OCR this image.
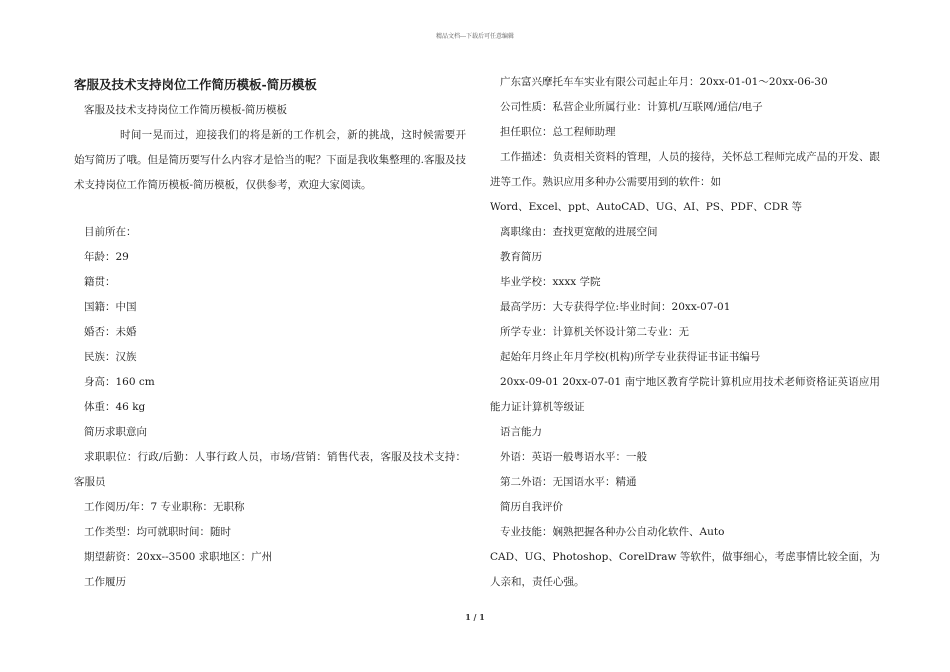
精品文档---下载后可任意编辑
客服及技术支持岗位工作简历模板-简历模板
客服及技术支持岗位工作简历模板-简历模板
时间一晃而过，迎接我们的将是新的工作机会，新的挑战，这时候需要开始写简历了哦。但是简历要写什么内容才是恰当的呢？下面是我收集整理的.客服及技术支持岗位工作简历模板-简历模板，仅供参考，欢迎大家阅读。
目前所在：
年龄：29
籍贯：
国籍：中国
婚否：未婚
民族：汉族
身高：160 cm
体重：46 kg
简历求职意向
求职职位：行政/后勤：人事行政人员，市场/营销：销售代表，客服及技术支持：客服员
工作阅历/年：7 专业职称：无职称
工作类型：均可就职时间：随时
期望薪资：20xx--3500 求职地区：广州
工作履历
广东富兴摩托车车实业有限公司起止年月：20xx-01-01～20xx-06-30
公司性质：私营企业所属行业：计算机/互联网/通信/电子
担任职位：总工程师助理
工作描述：负责相关资料的管理，人员的接待，关怀总工程师完成产品的开发、跟进等工作。熟识应用多种办公需要用到的软件：如
Word、Excel、ppt、AutoCAD、UG、AI、PS、PDF、CDR 等
离职缘由：查找更宽敞的进展空间
教育简历
毕业学校：xxxx 学院
最高学历：大专获得学位:毕业时间：20xx-07-01
所学专业：计算机关怀设计第二专业：无
起始年月终止年月学校(机构)所学专业获得证书证书编号
20xx-09-01 20xx-07-01 南宁地区教育学院计算机应用技术老师资格证英语应用能力证计算机等级证
语言能力
外语：英语一般粤语水平：一般
第二外语：无国语水平：精通
简历自我评价
专业技能：娴熟把握各种办公自动化软件、Auto
CAD、UG、Photoshop、CorelDraw 等软件，做事细心，考虑事情比较全面，为人亲和，责任心强。
1 / 1
